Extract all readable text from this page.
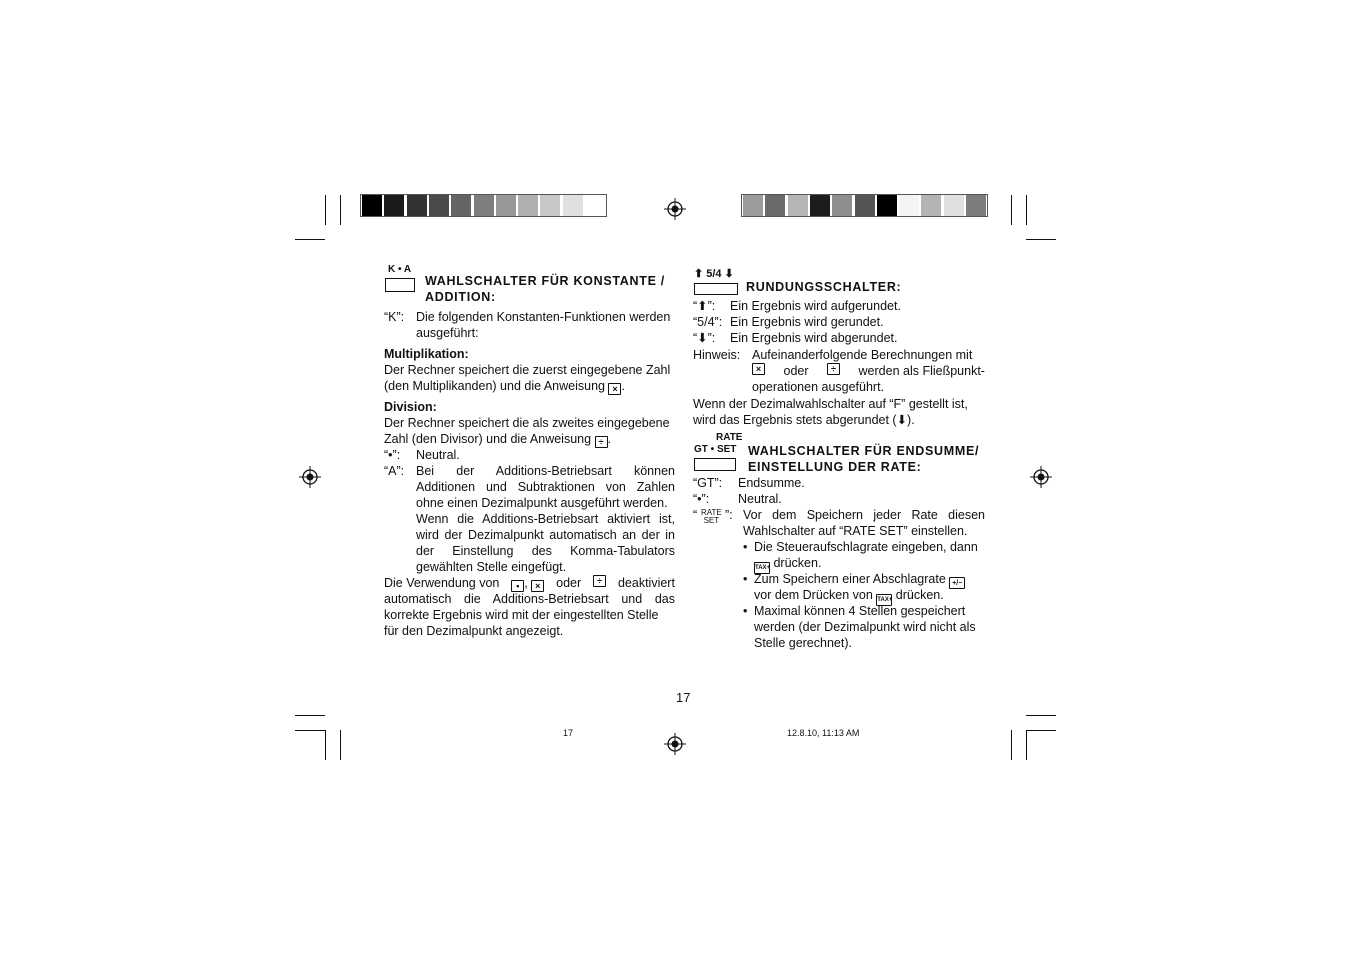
K • A
WAHLSCHALTER FÜR KONSTANTE /
ADDITION:
“K”: Die folgenden Konstanten-Funktionen werden
ausgeführt:
Multiplikation:
Der Rechner speichert die zuerst eingegebene Zahl
(den Multiplikanden) und die Anweisung × .
Division:
Der Rechner speichert die als zweites eingegebene
Zahl (den Divisor) und die Anweisung ÷ .
“•”: Neutral.
“A”: Bei der Additions-Betriebsart können
Additionen und Subtraktionen von Zahlen
ohne einen Dezimalpunkt ausgeführt werden.
Wenn die Additions-Betriebsart aktiviert ist,
wird der Dezimalpunkt automatisch an der in
der Einstellung des Komma-Tabulators
gewählten Stelle eingefügt.
Die Verwendung von	• , ×	oder	÷	deaktiviert
automatisch die Additions-Betriebsart und das
korrekte Ergebnis wird mit der eingestellten Stelle
für den Dezimalpunkt angezeigt.
⬆ 5/4 ⬇
RUNDUNGSSCHALTER:
“⬆”: Ein Ergebnis wird aufgerundet.
“5/4”: Ein Ergebnis wird gerundet.
“⬇”: Ein Ergebnis wird abgerundet.
Hinweis: Aufeinanderfolgende Berechnungen mit
×	oder	÷	werden als Fließpunkt-
operationen ausgeführt.
Wenn der Dezimalwahlschalter auf “F” gestellt ist,
wird das Ergebnis stets abgerundet (⬇).
RATE
GT • SET WAHLSCHALTER FÜR ENDSUMME/
EINSTELLUNG DER RATE:
“GT”: Endsumme.
“•”: Neutral.
“ RATE
SET ”: Vor dem Speichern jeder Rate diesen
Wahlschalter auf “RATE SET” einstellen.
• Die Steueraufschlagrate eingeben, dann
TAX+ drücken.
• Zum Speichern einer Abschlagrate +/−
vor dem Drücken von TAX+ drücken.
• Maximal können 4 Stellen gespeichert
werden (der Dezimalpunkt wird nicht als
Stelle gerechnet).
17
17	12.8.10, 11:13 AM
